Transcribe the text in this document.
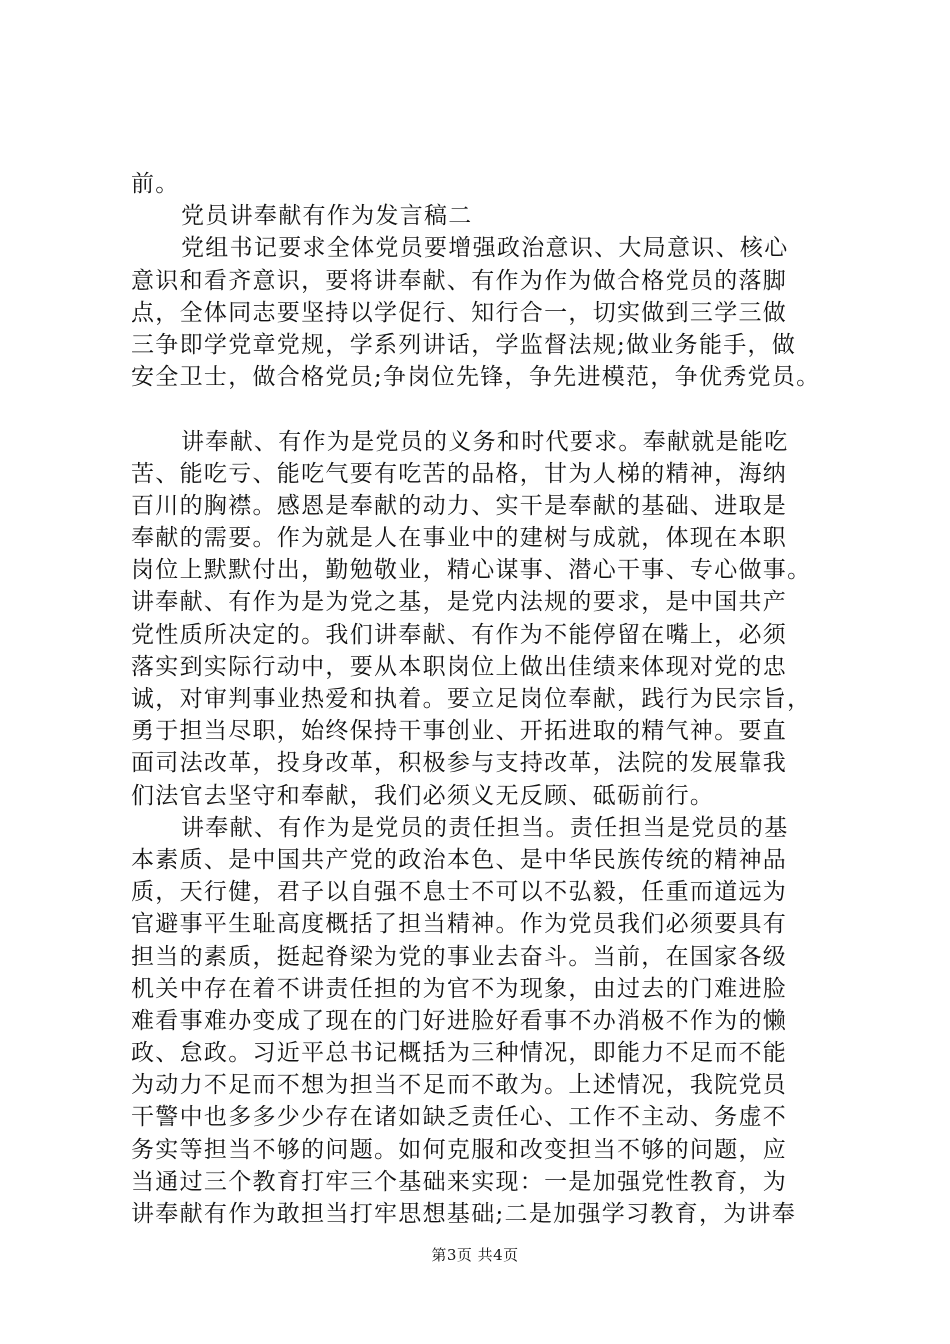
前。
党员讲奉献有作为发言稿二
党组书记要求全体党员要增强政治意识、大局意识、核心
意识和看齐意识，要将讲奉献、有作为作为做合格党员的落脚
点，全体同志要坚持以学促行、知行合一，切实做到三学三做
三争即学党章党规，学系列讲话，学监督法规;做业务能手，做
安全卫士，做合格党员;争岗位先锋，争先进模范，争优秀党员。
讲奉献、有作为是党员的义务和时代要求。奉献就是能吃
苦、能吃亏、能吃气要有吃苦的品格，甘为人梯的精神，海纳
百川的胸襟。感恩是奉献的动力、实干是奉献的基础、进取是
奉献的需要。作为就是人在事业中的建树与成就，体现在本职
岗位上默默付出，勤勉敬业，精心谋事、潜心干事、专心做事。
讲奉献、有作为是为党之基，是党内法规的要求，是中国共产
党性质所决定的。我们讲奉献、有作为不能停留在嘴上，必须
落实到实际行动中，要从本职岗位上做出佳绩来体现对党的忠
诚，对审判事业热爱和执着。要立足岗位奉献，践行为民宗旨，
勇于担当尽职，始终保持干事创业、开拓进取的精气神。要直
面司法改革，投身改革，积极参与支持改革，法院的发展靠我
们法官去坚守和奉献，我们必须义无反顾、砥砺前行。
讲奉献、有作为是党员的责任担当。责任担当是党员的基
本素质、是中国共产党的政治本色、是中华民族传统的精神品
质，天行健，君子以自强不息士不可以不弘毅，任重而道远为
官避事平生耻高度概括了担当精神。作为党员我们必须要具有
担当的素质，挺起脊梁为党的事业去奋斗。当前，在国家各级
机关中存在着不讲责任担的为官不为现象，由过去的门难进脸
难看事难办变成了现在的门好进脸好看事不办消极不作为的懒
政、怠政。习近平总书记概括为三种情况，即能力不足而不能
为动力不足而不想为担当不足而不敢为。上述情况，我院党员
干警中也多多少少存在诸如缺乏责任心、工作不主动、务虚不
务实等担当不够的问题。如何克服和改变担当不够的问题，应
当通过三个教育打牢三个基础来实现：一是加强党性教育，为
讲奉献有作为敢担当打牢思想基础;二是加强学习教育，为讲奉
第3页 共4页
